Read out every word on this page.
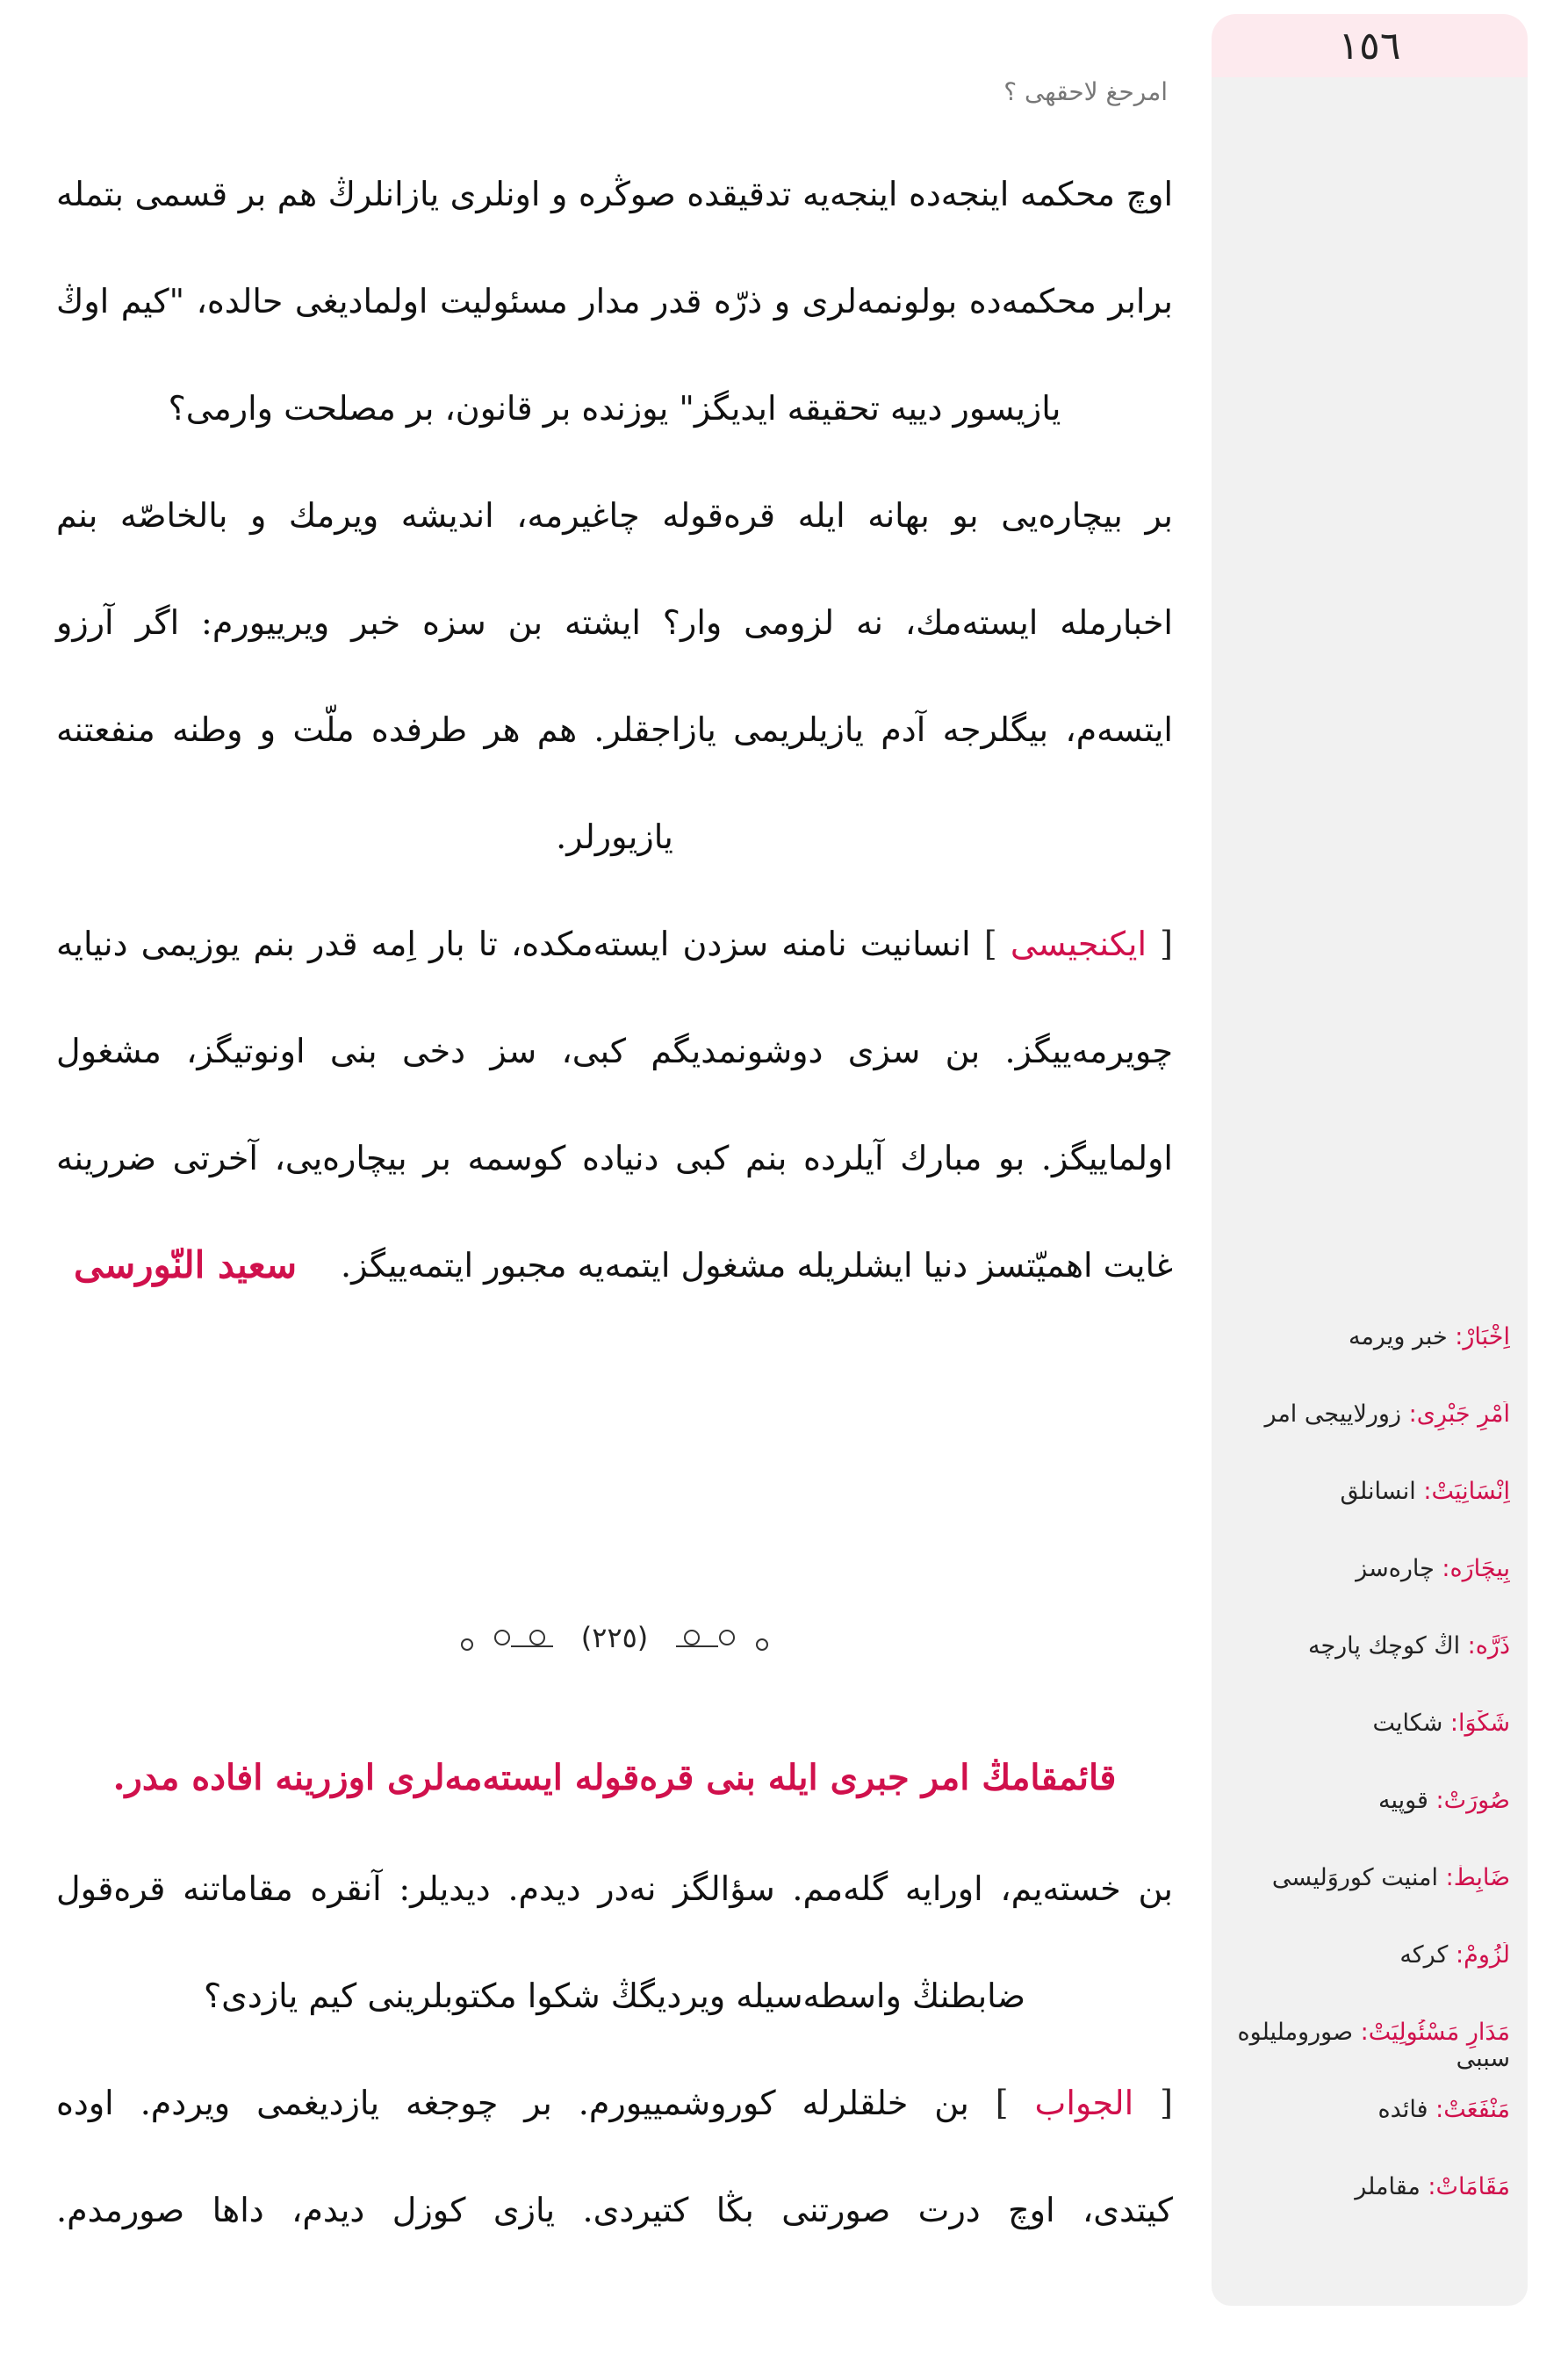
١٥٦
اِخْبَارْ: خبر ویرمه
اَمْرِ جَبْرِی: زورلاییجی امر
اِنْسَانِیَتْ: انسانلق
بِیچَارَه: چاره‌سز
ذَرَّه: اڭ کوچك پارچه
شَکْوَا: شکایت
صُورَتْ: قوپیه
ضَابِطْ: امنیت کوروَلیسی
لُزُومْ: کرکه
مَدَارِ مَسْئُولِیَتْ: صوروملیلوه سببی
مَنْفَعَتْ: فائده
مَقَامَاتْ: مقاملر
امرحغ لاحقهی ؟
اوچ محکمه اینجه‌ده اینجه‌یه تدقیقده صوڭره و اونلری یازانلرڭ هم بر قسمی بتمله
برابر محکمه‌ده بولونمه‌لری و ذرّه قدر مدار مسئولیت اولمادیغی حالده، "کیم اوڭ
یازیسور دییه تحقیقه ایدیگز" یوزنده بر قانون، بر مصلحت وارمی؟
بر بیچاره‌یی بو بهانه ایله قره‌قوله چاغیرمه، اندیشه ویرمك و بالخاصّه بنم
اخبارمله ایسته‌مك، نه لزومی وار؟ ایشته بن سزه خبر ویرییورم: اگر آرزو
ایتسه‌م، بیگلرجه آدم یازیلریمی یازاجقلر. هم هر طرفده ملّت و وطنه منفعتنه
یازیورلر.
[ ایکنجیسی ] انسانیت نامنه سزدن ایسته‌مکده، تا بار اِمه قدر بنم یوزیمی دنیایه
چویرمه‌ییگز. بن سزی دوشونمدیگم کبی، سز دخی بنی اونوتیگز، مشغول
اولماییگز. بو مبارك آیلرده بنم کبی دنیاده کوسمه بر بیچاره‌یی، آخرتی ضررینه
غایت اهمیّتسز دنیا ایشلریله مشغول ایتمه‌یه مجبور ایتمه‌ییگز.
سعید النّورسی
(٢٢٥)
قائمقامڭ امر جبری ایله بنی قره‌قوله ایسته‌مه‌لری اوزرینه افاده‌ مدر.
بن خسته‌یم، اورایه گله‌مم. سؤالگز نه‌در دیدم. دیدیلر: آنقره مقاماتنه قره‌قول
ضابطنڭ واسطه‌سیله ویردیگڭ شکوا مکتوبلرینی کیم یازدی؟
[ الجواب ] بن خلقلرله کوروشمییورم. بر چوجغه یازدیغمی ویردم. اوده
کیتدی، اوچ درت صورتنی بڭا کتیردی. یازی کوزل دیدم، داها صورمدم.
